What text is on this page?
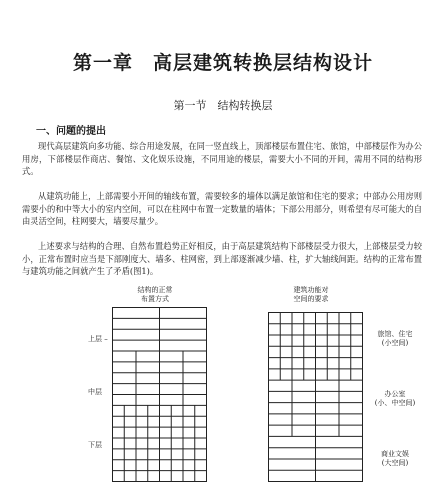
第一章　高层建筑转换层结构设计
第一节　结构转换层
一、问题的提出
现代高层建筑向多功能、综合用途发展，在同一竖直线上，顶部楼层布置住宅、旅馆，中部楼层作为办公用房，下部楼层作商店、餐馆、文化娱乐设施，不同用途的楼层，需要大小不同的开间，需用不同的结构形式。
从建筑功能上，上部需要小开间的轴线布置，需要较多的墙体以满足旅馆和住宅的要求；中部办公用房则需要小的和中等大小的室内空间，可以在柱网中布置一定数量的墙体；下部公用部分，则希望有尽可能大的自由灵活空间，柱网要大，墙要尽量少。
上述要求与结构的合理、自然布置趋势正好相反，由于高层建筑结构下部楼层受力很大，上部楼层受力较小，正常布置时应当是下部刚度大、墙多、柱网密，到上部逐渐减少墙、柱，扩大轴线间距。结构的正常布置与建筑功能之间就产生了矛盾(图1)。
结构的正常
布置方式
建筑功能对
空间的要求
上层 –
中层
下层
旅馆、住宅
(小空间)
办公室
(小、中空间)
商业文娱
(大空间)
